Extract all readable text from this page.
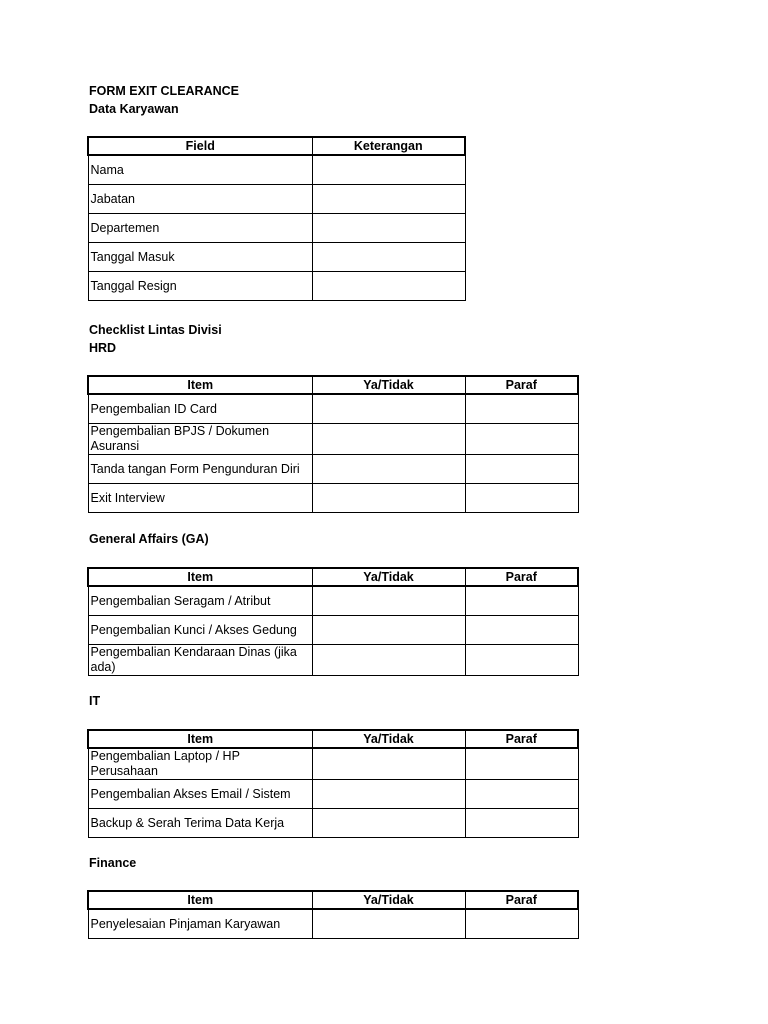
FORM EXIT CLEARANCE
Data Karyawan
Field	Keterangan
Nama	
Jabatan	
Departemen	
Tanggal Masuk	
Tanggal Resign	
Checklist Lintas Divisi
HRD
Item	Ya/Tidak	Paraf
Pengembalian ID Card		
Pengembalian BPJS / Dokumen Asuransi		
Tanda tangan Form Pengunduran Diri		
Exit Interview		
General Affairs (GA)
Item	Ya/Tidak	Paraf
Pengembalian Seragam / Atribut		
Pengembalian Kunci / Akses Gedung		
Pengembalian Kendaraan Dinas (jika ada)		
IT
Item	Ya/Tidak	Paraf
Pengembalian Laptop / HP Perusahaan		
Pengembalian Akses Email / Sistem		
Backup & Serah Terima Data Kerja		
Finance
Item	Ya/Tidak	Paraf
Penyelesaian Pinjaman Karyawan		
